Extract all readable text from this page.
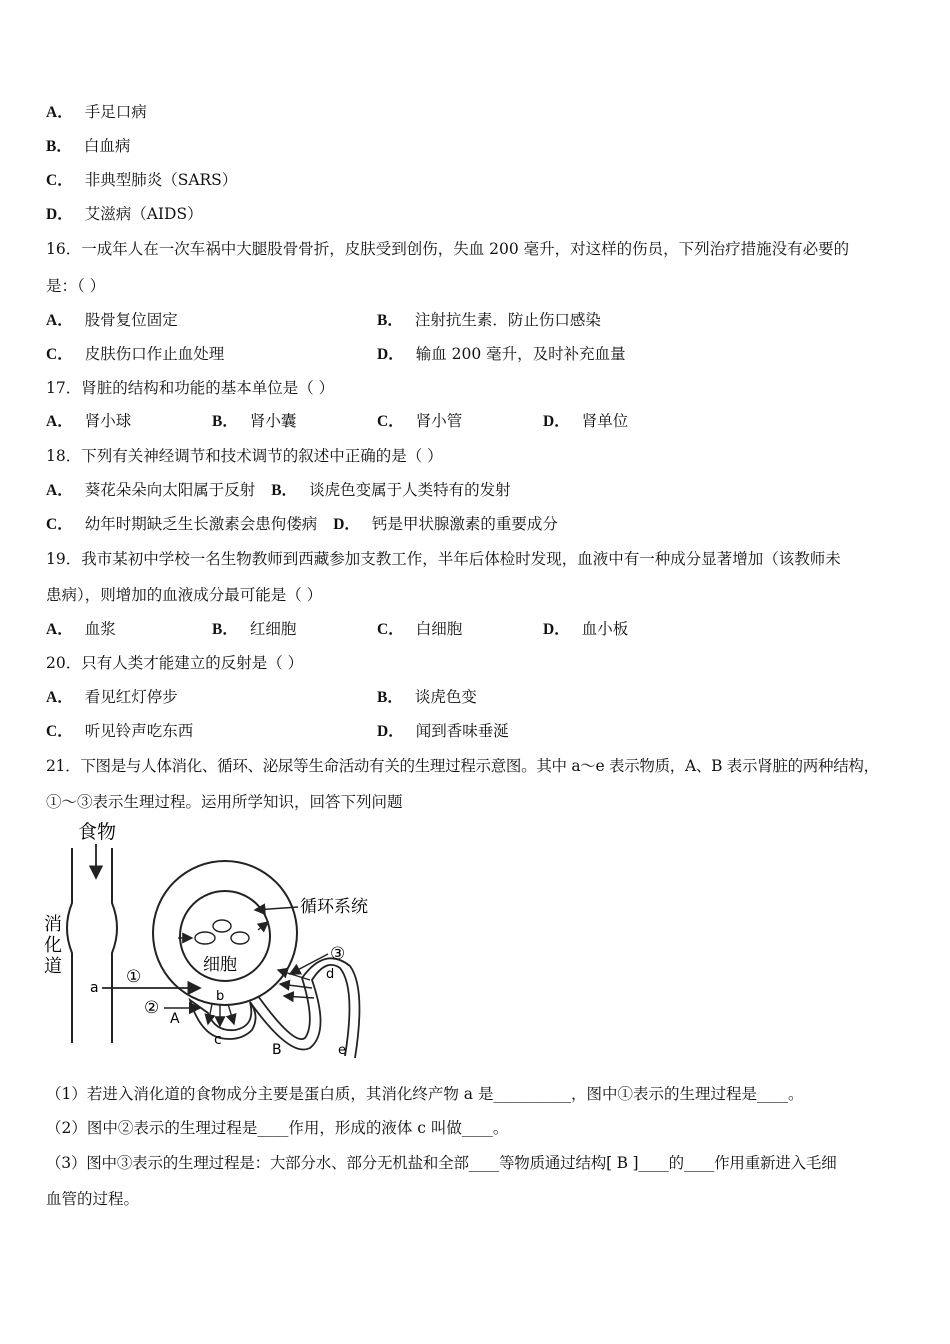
A． 手足口病
B． 白血病
C． 非典型肺炎（SARS）
D． 艾滋病（AIDS）
16．一成年人在一次车祸中大腿股骨骨折，皮肤受到创伤，失血 200 毫升，对这样的伤员，下列治疗措施没有必要的
是：（ ）
A． 股骨复位固定	B． 注射抗生素．防止伤口感染
C． 皮肤伤口作止血处理	D． 输血 200 毫升，及时补充血量
17．肾脏的结构和功能的基本单位是（ ）
A． 肾小球	B． 肾小囊	C． 肾小管	D． 肾单位
18．下列有关神经调节和技术调节的叙述中正确的是（ ）
A． 葵花朵朵向太阳属于反射 B． 谈虎色变属于人类特有的发射
C． 幼年时期缺乏生长激素会患佝偻病 D． 钙是甲状腺激素的重要成分
19．我市某初中学校一名生物教师到西藏参加支教工作，半年后体检时发现，血液中有一种成分显著增加（该教师未
患病），则增加的血液成分最可能是（ ）
A． 血浆	B． 红细胞	C． 白细胞	D． 血小板
20．只有人类才能建立的反射是（ ）
A． 看见红灯停步	B． 谈虎色变
C． 听见铃声吃东西	D． 闻到香味垂涎
21．下图是与人体消化、循环、泌尿等生命活动有关的生理过程示意图。其中 a～e 表示物质，A、B 表示肾脏的两种结构，
①～③表示生理过程。运用所学知识，回答下列问题
食物
消
化
道
循环系统
细胞
①
a
②
A
b
c
B	e
d
③
（1）若进入消化道的食物成分主要是蛋白质，其消化终产物 a 是__________，图中①表示的生理过程是____。
（2）图中②表示的生理过程是____作用，形成的液体 c 叫做____。
（3）图中③表示的生理过程是：大部分水、部分无机盐和全部____等物质通过结构[ B ]____的____作用重新进入毛细
血管的过程。
